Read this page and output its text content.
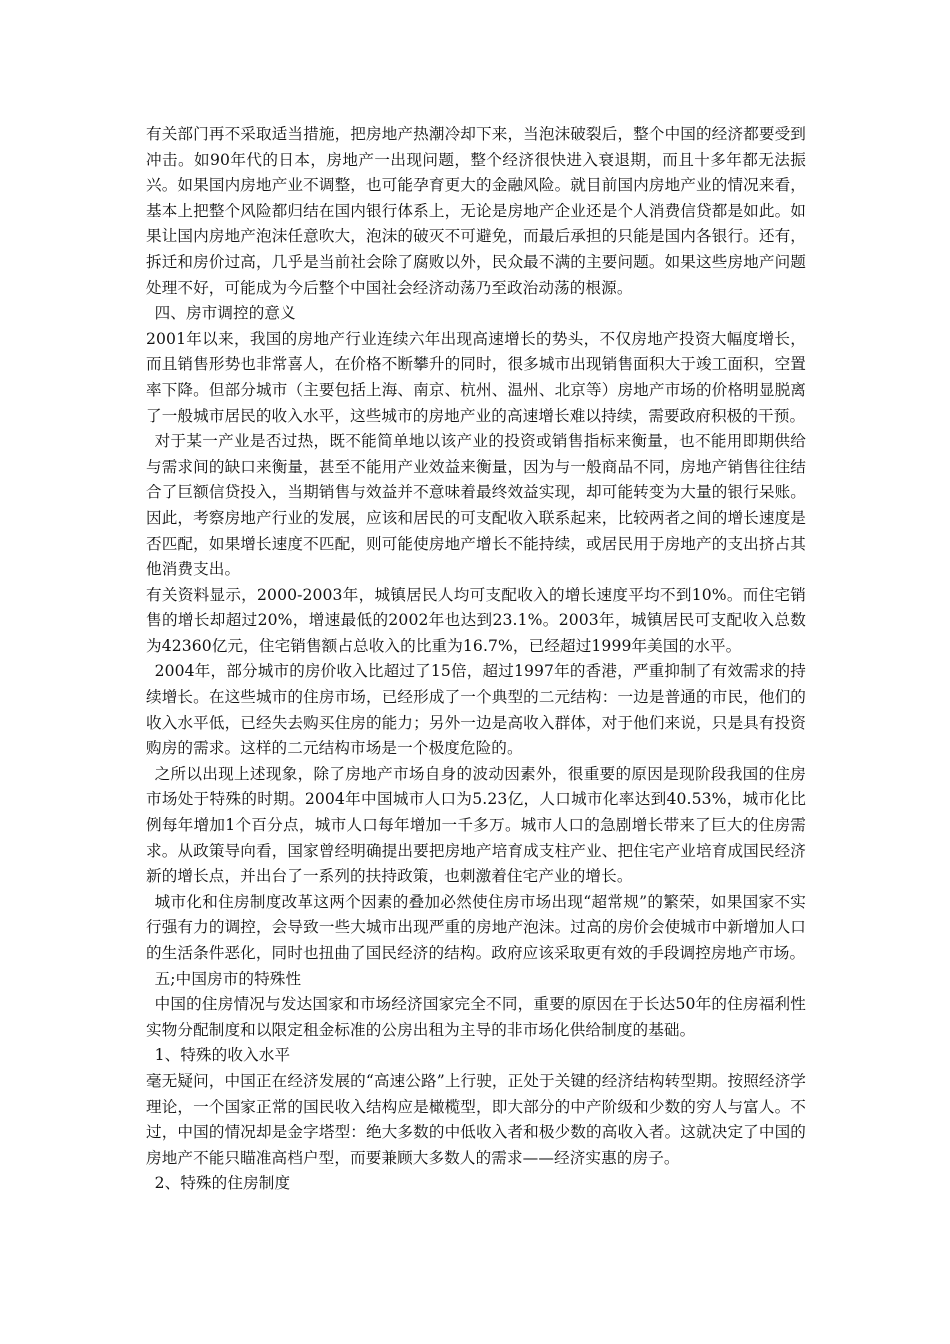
有关部门再不采取适当措施，把房地产热潮冷却下来，当泡沫破裂后，整个中国的经济都要受到冲击。如90年代的日本，房地产一出现问题，整个经济很快进入衰退期，而且十多年都无法振兴。如果国内房地产业不调整，也可能孕育更大的金融风险。就目前国内房地产业的情况来看，基本上把整个风险都归结在国内银行体系上，无论是房地产企业还是个人消费信贷都是如此。如果让国内房地产泡沫任意吹大，泡沫的破灭不可避免，而最后承担的只能是国内各银行。还有，拆迁和房价过高，几乎是当前社会除了腐败以外，民众最不满的主要问题。如果这些房地产问题处理不好，可能成为今后整个中国社会经济动荡乃至政治动荡的根源。

四、房市调控的意义

2001年以来，我国的房地产行业连续六年出现高速增长的势头，不仅房地产投资大幅度增长，而且销售形势也非常喜人，在价格不断攀升的同时，很多城市出现销售面积大于竣工面积，空置率下降。但部分城市（主要包括上海、南京、杭州、温州、北京等）房地产市场的价格明显脱离了一般城市居民的收入水平，这些城市的房地产业的高速增长难以持续，需要政府积极的干预。

对于某一产业是否过热，既不能简单地以该产业的投资或销售指标来衡量，也不能用即期供给与需求间的缺口来衡量，甚至不能用产业效益来衡量，因为与一般商品不同，房地产销售往往结合了巨额信贷投入，当期销售与效益并不意味着最终效益实现，却可能转变为大量的银行呆账。因此，考察房地产行业的发展，应该和居民的可支配收入联系起来，比较两者之间的增长速度是否匹配，如果增长速度不匹配，则可能使房地产增长不能持续，或居民用于房地产的支出挤占其他消费支出。

有关资料显示，2000-2003年，城镇居民人均可支配收入的增长速度平均不到10%。而住宅销售的增长却超过20%，增速最低的2002年也达到23.1%。2003年，城镇居民可支配收入总数为42360亿元，住宅销售额占总收入的比重为16.7%，已经超过1999年美国的水平。

2004年，部分城市的房价收入比超过了15倍，超过1997年的香港，严重抑制了有效需求的持续增长。在这些城市的住房市场，已经形成了一个典型的二元结构：一边是普通的市民，他们的收入水平低，已经失去购买住房的能力；另外一边是高收入群体，对于他们来说，只是具有投资购房的需求。这样的二元结构市场是一个极度危险的。

之所以出现上述现象，除了房地产市场自身的波动因素外，很重要的原因是现阶段我国的住房市场处于特殊的时期。2004年中国城市人口为5.23亿，人口城市化率达到40.53%，城市化比例每年增加1个百分点，城市人口每年增加一千多万。城市人口的急剧增长带来了巨大的住房需求。从政策导向看，国家曾经明确提出要把房地产培育成支柱产业、把住宅产业培育成国民经济新的增长点，并出台了一系列的扶持政策，也刺激着住宅产业的增长。

城市化和住房制度改革这两个因素的叠加必然使住房市场出现“超常规”的繁荣，如果国家不实行强有力的调控，会导致一些大城市出现严重的房地产泡沫。过高的房价会使城市中新增加人口的生活条件恶化，同时也扭曲了国民经济的结构。政府应该采取更有效的手段调控房地产市场。

五;中国房市的特殊性

中国的住房情况与发达国家和市场经济国家完全不同，重要的原因在于长达50年的住房福利性实物分配制度和以限定租金标准的公房出租为主导的非市场化供给制度的基础。

1、特殊的收入水平

毫无疑问，中国正在经济发展的“高速公路”上行驶，正处于关键的经济结构转型期。按照经济学理论，一个国家正常的国民收入结构应是橄榄型，即大部分的中产阶级和少数的穷人与富人。不过，中国的情况却是金字塔型：绝大多数的中低收入者和极少数的高收入者。这就决定了中国的房地产不能只瞄准高档户型，而要兼顾大多数人的需求——经济实惠的房子。

2、特殊的住房制度
